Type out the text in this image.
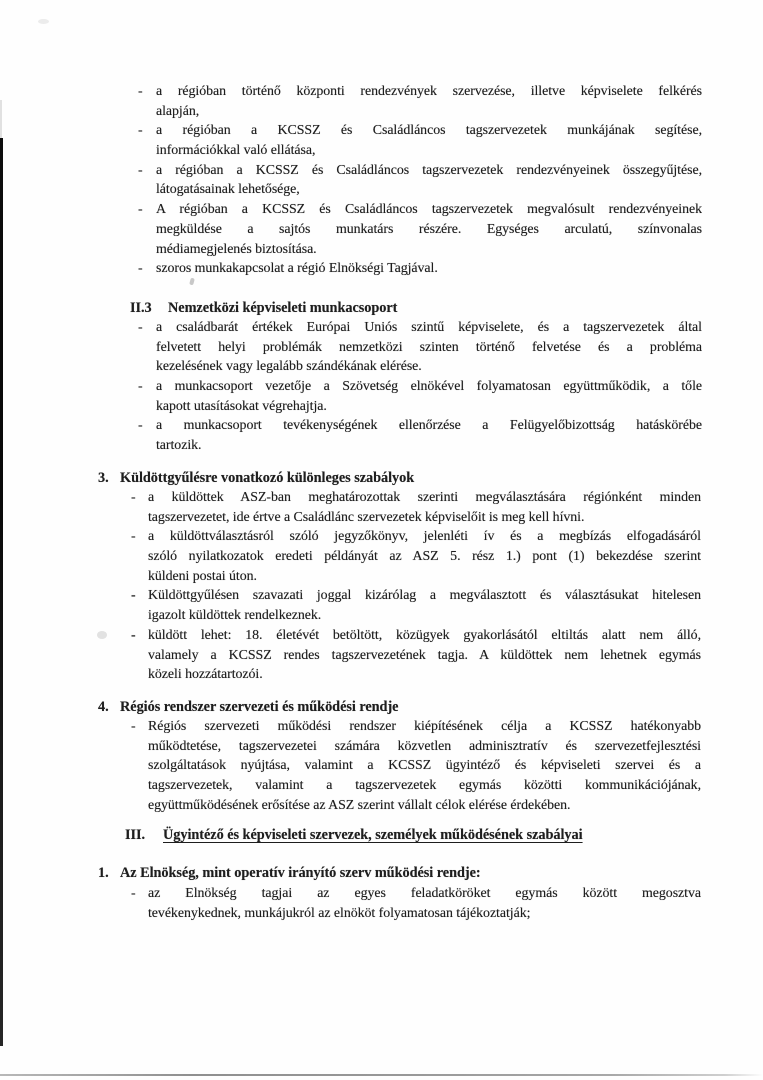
- a régióban történő központi rendezvények szervezése, illetve képviselete felkérés
alapján,
- a régióban a KCSSZ és Családláncos tagszervezetek munkájának segítése,
információkkal való ellátása,
- a régióban a KCSSZ és Családláncos tagszervezetek rendezvényeinek összegyűjtése,
látogatásainak lehetősége,
- A régióban a KCSSZ és Családláncos tagszervezetek megvalósult rendezvényeinek
megküldése a sajtós munkatárs részére. Egységes arculatú, színvonalas
médiamegjelenés biztosítása.
- szoros munkakapcsolat a régió Elnökségi Tagjával.
II.3 Nemzetközi képviseleti munkacsoport
- a családbarát értékek Európai Uniós szintű képviselete, és a tagszervezetek által
felvetett helyi problémák nemzetközi szinten történő felvetése és a probléma
kezelésének vagy legalább szándékának elérése.
- a munkacsoport vezetője a Szövetség elnökével folyamatosan együttműködik, a tőle
kapott utasításokat végrehajtja.
- a munkacsoport tevékenységének ellenőrzése a Felügyelőbizottság hatáskörébe
tartozik.
3. Küldöttgyűlésre vonatkozó különleges szabályok
- a küldöttek ASZ-ban meghatározottak szerinti megválasztására régiónként minden
tagszervezetet, ide értve a Családlánc szervezetek képviselőit is meg kell hívni.
- a küldöttválasztásról szóló jegyzőkönyv, jelenléti ív és a megbízás elfogadásáról
szóló nyilatkozatok eredeti példányát az ASZ 5. rész 1.) pont (1) bekezdése szerint
küldeni postai úton.
- Küldöttgyűlésen szavazati joggal kizárólag a megválasztott és választásukat hitelesen
igazolt küldöttek rendelkeznek.
- küldött lehet: 18. életévét betöltött, közügyek gyakorlásától eltiltás alatt nem álló,
valamely a KCSSZ rendes tagszervezetének tagja. A küldöttek nem lehetnek egymás
közeli hozzátartozói.
4. Régiós rendszer szervezeti és működési rendje
- Régiós szervezeti működési rendszer kiépítésének célja a KCSSZ hatékonyabb
működtetése, tagszervezetei számára közvetlen adminisztratív és szervezetfejlesztési
szolgáltatások nyújtása, valamint a KCSSZ ügyintéző és képviseleti szervei és a
tagszervezetek, valamint a tagszervezetek egymás közötti kommunikációjának,
együttműködésének erősítése az ASZ szerint vállalt célok elérése érdekében.
III. Ügyintéző és képviseleti szervezek, személyek működésének szabályai
1. Az Elnökség, mint operatív irányító szerv működési rendje:
- az Elnökség tagjai az egyes feladatköröket egymás között megosztva
tevékenykednek, munkájukról az elnököt folyamatosan tájékoztatják;
